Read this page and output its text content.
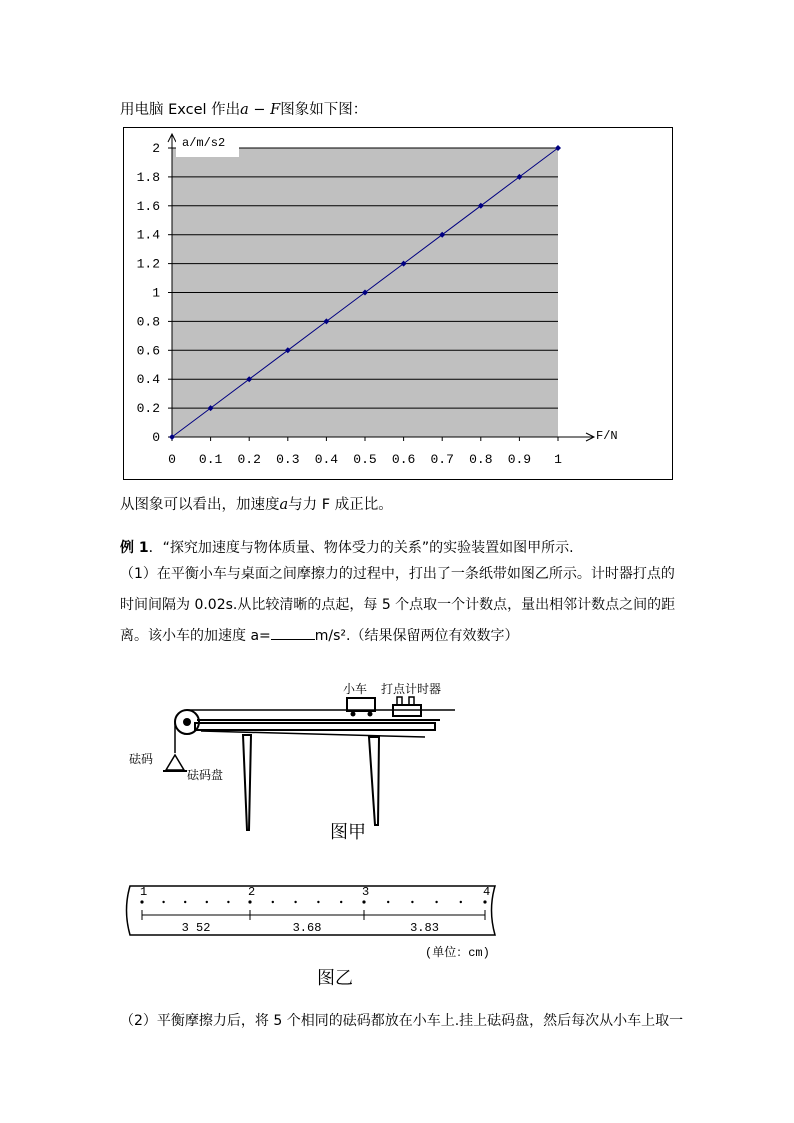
用电脑 Excel 作出a − F图象如下图：
a/m/s2
F/N
0
0.2
0.4
0.6
0.8
1
1.2
1.4
1.6
1.8
2
0 0.1 0.2 0.3 0.4 0.5 0.6 0.7 0.8 0.9 1
从图象可以看出，加速度a与力 F 成正比。
例 1．“探究加速度与物体质量、物体受力的关系”的实验装置如图甲所示.
（1）在平衡小车与桌面之间摩擦力的过程中，打出了一条纸带如图乙所示。计时器打点的
时间间隔为 0.02s.从比较清晰的点起，每 5 个点取一个计数点，量出相邻计数点之间的距
离。该小车的加速度 a=	m/s².（结果保留两位有效数字）
小车 打点计时器
砝码
砝码盘
图甲
1	2	3	4
3 52	3.68	3.83
(单位：cm)
图乙
（2）平衡摩擦力后，将 5 个相同的砝码都放在小车上.挂上砝码盘，然后每次从小车上取一
